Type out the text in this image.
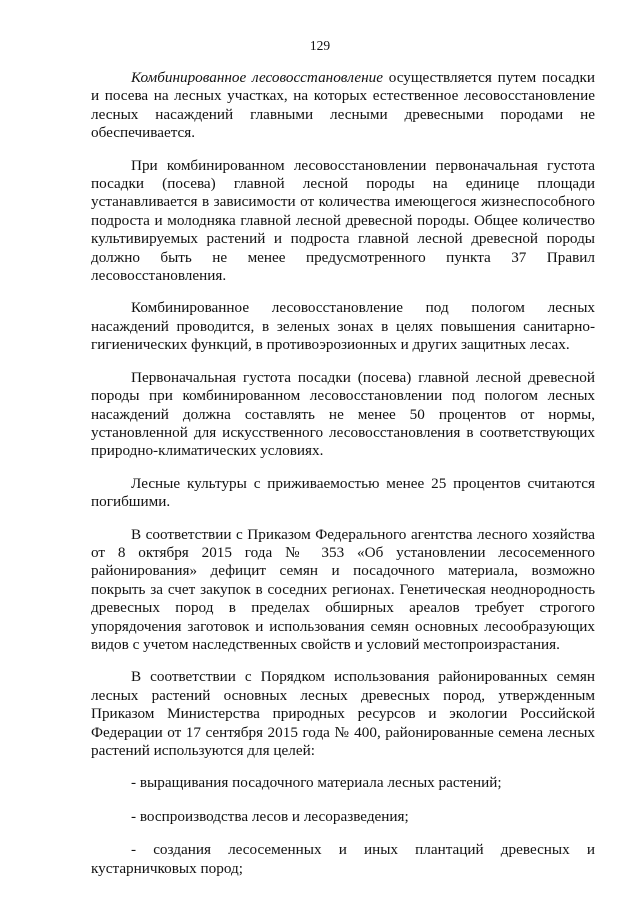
129

Комбинированное лесовосстановление осуществляется путем посадки и посева на лесных участках, на которых естественное лесовосстановление лесных насаждений главными лесными древесными породами не обеспечивается.

При комбинированном лесовосстановлении первоначальная густота посадки (посева) главной лесной породы на единице площади устанавливается в зависимости от количества имеющегося жизнеспособного подроста и молодняка главной лесной древесной породы. Общее количество культивируемых растений и подроста главной лесной древесной породы должно быть не менее предусмотренного пункта 37 Правил лесовосстановления.

Комбинированное лесовосстановление под пологом лесных насаждений проводится, в зеленых зонах в целях повышения санитарно-гигиенических функций, в противоэрозионных и других защитных лесах.

Первоначальная густота посадки (посева) главной лесной древесной породы при комбинированном лесовосстановлении под пологом лесных насаждений должна составлять не менее 50 процентов от нормы, установленной для искусственного лесовосстановления в соответствующих природно-климатических условиях.

Лесные культуры с приживаемостью менее 25 процентов считаются погибшими.

В соответствии с Приказом Федерального агентства лесного хозяйства от 8 октября 2015 года № 353 «Об установлении лесосеменного районирования» дефицит семян и посадочного материала, возможно покрыть за счет закупок в соседних регионах. Генетическая неоднородность древесных пород в пределах обширных ареалов требует строгого упорядочения заготовок и использования семян основных лесообразующих видов с учетом наследственных свойств и условий местопроизрастания.

В соответствии с Порядком использования районированных семян лесных растений основных лесных древесных пород, утвержденным Приказом Министерства природных ресурсов и экологии Российской Федерации от 17 сентября 2015 года № 400, районированные семена лесных растений используются для целей:

- выращивания посадочного материала лесных растений;

- воспроизводства лесов и лесоразведения;

- создания лесосеменных и иных плантаций древесных и кустарничковых пород;
